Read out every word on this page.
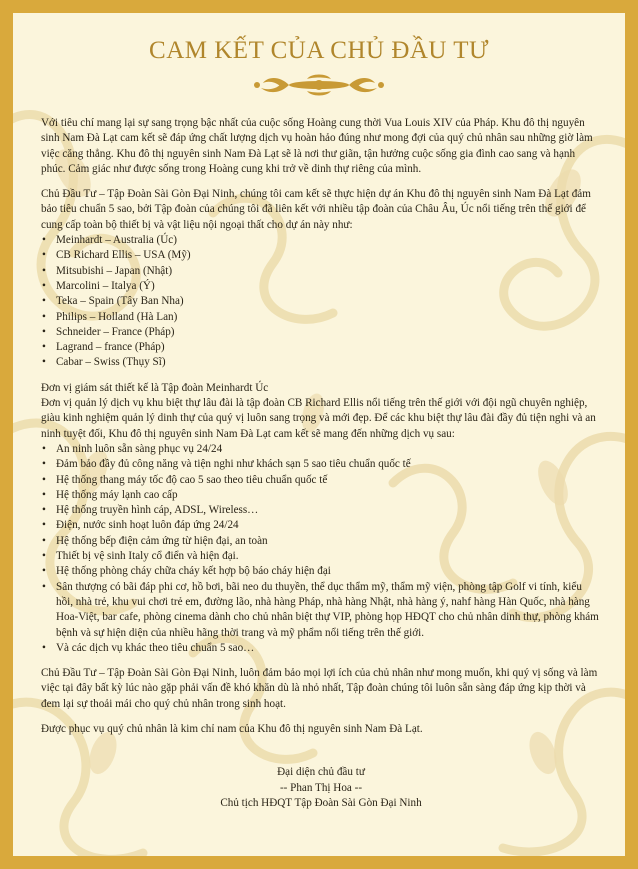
CAM KẾT CỦA CHỦ ĐẦU TƯ

Với tiêu chí mang lại sự sang trọng bậc nhất của cuộc sống Hoàng cung thời Vua Louis XIV của Pháp. Khu đô thị nguyên sinh Nam Đà Lạt cam kết sẽ đáp ứng chất lượng dịch vụ hoàn hảo đúng như mong đợi của quý chủ nhân sau những giờ làm việc căng thẳng. Khu đô thị nguyên sinh Nam Đà Lạt sẽ là nơi thư giãn, tận hưởng cuộc sống gia đình cao sang và hạnh phúc. Cảm giác như được sống trong Hoàng cung khi trở về dinh thự riêng của mình.

Chủ Đầu Tư – Tập Đoàn Sài Gòn Đại Ninh, chúng tôi cam kết sẽ thực hiện dự án Khu đô thị nguyên sinh Nam Đà Lạt đảm bảo tiêu chuẩn 5 sao, bởi Tập đoàn của chúng tôi đã liên kết với nhiều tập đoàn của Châu Âu, Úc nổi tiếng trên thế giới để cung cấp toàn bộ thiết bị và vật liệu nội ngoại thất cho dự án này như:

• Meinhardt – Australia (Úc)
• CB Richard Ellis – USA (Mỹ)
• Mitsubishi – Japan (Nhật)
• Marcolini – Italya (Ý)
• Teka – Spain (Tây Ban Nha)
• Philips – Holland (Hà Lan)
• Schneider – France (Pháp)
• Lagrand – france (Pháp)
• Cabar – Swiss (Thụy Sĩ)

Đơn vị giám sát thiết kế là Tập đoàn Meinhardt Úc

Đơn vị quản lý dịch vụ khu biệt thự lâu đài là tập đoàn CB Richard Ellis nổi tiếng trên thế giới với đội ngũ chuyên nghiệp, giàu kinh nghiệm quản lý dinh thự của quý vị luôn sang trọng và mới đẹp. Để các khu biệt thự lâu đài đầy đủ tiện nghi và an ninh tuyệt đối, Khu đô thị nguyên sinh Nam Đà Lạt cam kết sẽ mang đến những dịch vụ sau:

• An ninh luôn sẵn sàng phục vụ 24/24
• Đảm bảo đầy đủ công năng và tiện nghi như khách sạn 5 sao tiêu chuẩn quốc tế
• Hệ thống thang máy tốc độ cao 5 sao theo tiêu chuẩn quốc tế
• Hệ thống máy lạnh cao cấp
• Hệ thống truyền hình cáp, ADSL, Wireless…
• Điện, nước sinh hoạt luôn đáp ứng 24/24
• Hệ thống bếp điện cảm ứng từ hiện đại, an toàn
• Thiết bị vệ sinh Italy cổ điển và hiện đại.
• Hệ thống phòng cháy chữa cháy kết hợp bộ báo cháy hiện đại
• Sân thượng có bãi đáp phi cơ, hồ bơi, bãi neo du thuyền, thể dục thẩm mỹ, thẩm mỹ viện, phòng tập Golf vi tính, kiểu hồi, nhà trẻ, khu vui chơi trẻ em, đường lão, nhà hàng Pháp, nhà hàng Nhật, nhà hàng ý, nahf hàng Hàn Quốc, nhà hàng Hoa-Việt, bar cafe, phòng cinema dành cho chủ nhân biệt thự VIP, phòng họp HĐQT cho chủ nhân dinh thự, phòng khám bệnh và sự hiện diện của nhiều hãng thời trang và mỹ phẩm nổi tiếng trên thế giới.
• Và các dịch vụ khác theo tiêu chuẩn 5 sao…

Chủ Đầu Tư – Tập Đoàn Sài Gòn Đại Ninh, luôn đảm bảo mọi lợi ích của chủ nhân như mong muốn, khi quý vị sống và làm việc tại đây bất kỳ lúc nào gặp phải vấn đề khó khăn dù là nhỏ nhất, Tập đoàn chúng tôi luôn sẵn sàng đáp ứng kịp thời và đem lại sự thoải mái cho quý chủ nhân trong sinh hoạt.

Được phục vụ quý chủ nhân là kim chỉ nam của Khu đô thị nguyên sinh Nam Đà Lạt.

Đại diện chủ đầu tư

-- Phan Thị Hoa --

Chủ tịch HĐQT Tập Đoàn Sài Gòn Đại Ninh
